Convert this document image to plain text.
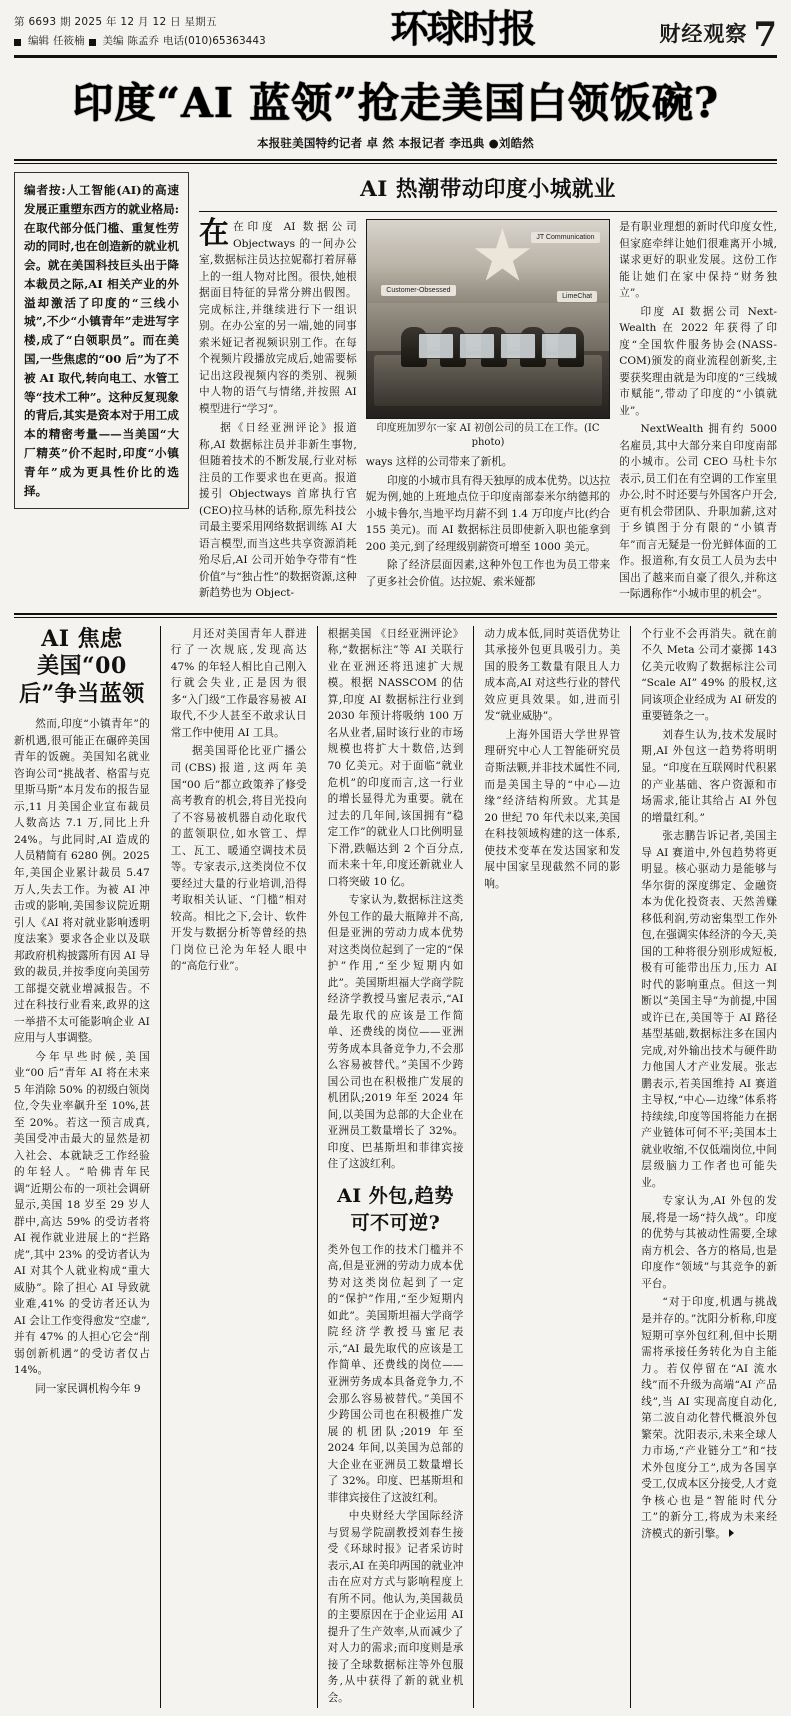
第 6693 期 2025 年 12 月 12 日 星期五
编辑 任筱楠 美编 陈孟乔 电话(010)65363443	环球时报	财经观察 7
印度“AI 蓝领”抢走美国白领饭碗?
本报驻美国特约记者 卓 然 本报记者 李迅典 ●刘皓然
编者按:人工智能(AI)的高速发展正重塑东西方的就业格局:在取代部分低门槛、重复性劳动的同时,也在创造新的就业机会。就在美国科技巨头出于降本裁员之际,AI 相关产业的外溢却激活了印度的“三线小城”,不少“小镇青年”走进写字楼,成了“白领职员”。而在美国,一些焦虑的“00 后”为了不被 AI 取代,转向电工、水管工等“技术工种”。这种反复现象的背后,其实是资本对于用工成本的精密考量——当美国“大厂精英”价不起时,印度“小镇青年”成为更具性价比的选择。
AI 热潮带动印度小城就业
在 在印度 AI 数据公司 Objectways 的一间办公室,数据标注员达拉妮郗打着屏幕上的一组人物对比图。很快,她根据面目特征的异常分辨出假图。完成标注,并继续进行下一组识别。在办公室的另一端,她的同事索米娅记者视频识别工作。在每个视频片段播放完成后,她需要标记出这段视频内容的类别、视频中人物的语气与情绪,并按照 AI 模型进行“学习”。

据《日经亚洲评论》报道称,AI 数据标注员并非新生事物,但随着技术的不断发展,行业对标注员的工作要求也在更高。报道援引 Objectways 首席执行官(CEO)拉马林的话称,原先科技公司最主要采用网络数据训练 AI 大语言模型,而当这些共享资源消耗殆尽后,AI 公司开始争夺带有“性价值”与“独占性”的数据资源,这种新趋势也为 Object-

JT Communication
Customer-Obsessed
LimeChat
印度班加罗尔一家 AI 初创公司的员工在工作。(IC photo)

ways 这样的公司带来了新机。

印度的小城市具有得天独厚的成本优势。以达拉妮为例,她的上班地点位于印度南部泰米尔纳德邦的小城卡鲁尔,当地平均月薪不到 1.4 万印度卢比(约合 155 美元)。而 AI 数据标注员即使新入职也能拿到 200 美元,到了经理级别薪资可增至 1000 美元。

除了经济层面因素,这种外包工作也为员工带来了更多社会价值。达拉妮、索米娅都

是有职业理想的新时代印度女性,但家庭牵绊让她们很难离开小城,谋求更好的职业发展。这份工作能让她们在家中保持“财务独立”。

印度 AI 数据公司 Next-Wealth 在 2022 年获得了印度“全国软件服务协会(NASS-COM)颁发的商业流程创新奖,主要获奖理由就是为印度的“三线城市赋能”,带动了印度的“小镇就业”。

NextWealth 拥有约 5000 名雇员,其中大部分来自印度南部的小城市。公司 CEO 马杜卡尔表示,员工们在有空调的工作室里办公,时不时还要与外国客户开会,更有机会带团队、升职加薪,这对于乡镇图于分有限的“小镇青年”而言无疑是一份光鲜体面的工作。报道称,有女员工人员为去中国出了越来而自豪了很久,并称这一际遇称作“小城市里的机会”。

AI 焦虑
美国“00 后”争当蓝领

然而,印度“小镇青年”的新机遇,很可能正在碾碎美国青年的饭碗。美国知名就业咨询公司“挑战者、格雷与克里斯马斯”本月发布的报告显示,11 月美国企业宣布裁员人数高达 7.1 万,同比上升 24%。与此同时,AI 造成的人员精简有 6280 例。2025 年,美国企业累计裁员 5.47 万人,失去工作。为被 AI 冲击或的影响,美国参议院近期引人《AI 将对就业影响透明度法案》要求各企业以及联邦政府机构披露所有因 AI 导致的裁员,并按季度向美国劳工部提交就业增减报告。不过在科技行业看来,政界的这一举措不太可能影响企业 AI 应用与人事调整。

今年早些时候,美国业“00 后”青年 AI 将在未来 5 年消除 50% 的初级白领岗位,令失业率飙升至 10%,甚至 20%。若这一预言成真,美国受冲击最大的显然是初入社会、本就缺乏工作经验的年轻人。“哈佛青年民调”近期公布的一项社会调研显示,美国 18 岁至 29 岁人群中,高达 59% 的受访者将 AI 视作就业进展上的“拦路虎”,其中 23% 的受访者认为 AI 对其个人就业构成“重大威胁”。除了担心 AI 导致就业难,41% 的受访者还认为 AI 会让工作变得愈发“空虚”,并有 47% 的人担心它会“削弱创新机遇”的受访者仅占 14%。

同一家民调机构今年 9

月还对美国青年人群进行了一次规底,发现高达 47% 的年轻人相比自己刚入行就会失业,正是因为很多“入门级”工作最容易被 AI 取代,不少人甚至不敢求认日常工作中使用 AI 工具。

据美国哥伦比亚广播公司(CBS)报道,这两年美国“00 后”都立政策养了修受高考教育的机会,将目光投向了不容易被机器自动化取代的蓝领职位,如水管工、焊工、瓦工、暖通空调技术员等。专家表示,这类岗位不仅要经过大量的行业培训,沿得考取相关认证、“门槛”相对较高。相比之下,会计、软件开发与数据分析等曾经的热门岗位已沦为年轻人眼中的“高危行业”。

根据美国 《日经亚洲评论》称,“数据标注”等 AI 关联行业在亚洲还将迅速扩大规模。根据 NASSCOM 的估算,印度 AI 数据标注行业到 2030 年预计将吸纳 100 万名从业者,届时该行业的市场规模也将扩大十数倍,达到 70 亿美元。对于面临“就业危机”的印度而言,这一行业的增长显得尤为重要。就在过去的几年间,该国拥有“稳定工作”的就业人口比例明显下滑,跌幅达到 2 个百分点,而未来十年,印度还新就业人口将突破 10 亿。

专家认为,数据标注这类外包工作的最大瓶障并不高,但是亚洲的劳动力成本优势对这类岗位起到了一定的“保护”作用,“至少短期内如此”。美国斯坦福大学商学院经济学教授马蜜尼表示,“AI 最先取代的应该是工作简单、还费线的岗位——亚洲劳务成本具备竞争力,不会那么容易被替代。”美国不少跨国公司也在积极推广发展的机团队;2019 年至 2024 年间,以美国为总部的大企业在亚洲员工数量增长了 32%。印度、巴基斯坦和菲律宾接住了这波红利。

AI 外包,趋势可不可逆?

类外包工作的技术门槛并不高,但是亚洲的劳动力成本优势对这类岗位起到了一定的“保护”作用,“至少短期内如此”。美国斯坦福大学商学院经济学教授马蜜尼表示,“AI 最先取代的应该是工作简单、还费线的岗位——亚洲劳务成本具备竞争力,不会那么容易被替代。”美国不少跨国公司也在积极推广发展的机团队;2019 年至 2024 年间,以美国为总部的大企业在亚洲员工数量增长了 32%。印度、巴基斯坦和菲律宾接住了这波红利。

中央财经大学国际经济与贸易学院副教授刘春生接受《环球时报》记者采访时表示,AI 在美印两国的就业冲击在应对方式与影响程度上有所不同。他认为,美国裁员的主要原因在于企业运用 AI 提升了生产效率,从而减少了对人力的需求;而印度则是承接了全球数据标注等外包服务,从中获得了新的就业机会。

动力成本低,同时英语优势让其承接外包更具吸引力。美国的股务工数量有限且人力成本高,AI 对这些行业的替代效应更具效果。如,进而引发“就业威胁”。

上海外国语大学世界管理研究中心人工智能研究员奇斯法颗,并非技术属性不同,而是美国主导的“中心—边缘”经济结构所致。尤其是 20 世纪 70 年代未以来,美国在科技领域构建的这一体系,使技术变革在发达国家和发展中国家呈现截然不同的影响。

个行业不会再消失。就在前不久 Meta 公司才豪掷 143 亿美元收购了数据标注公司 “Scale AI” 49% 的股权,这同该项企业经成为 AI 研发的重要链条之一。

刘春生认为,技术发展时期,AI 外包这一趋势将明明显。“印度在互联网时代积累的产业基础、客户资源和市场需求,能让其给占 AI 外包的增量红利。”

张志鹏告诉记者,美国主导 AI 赛道中,外包趋势将更明显。核心驱动力是能够与华尔街的深度绑定、金融资本为优化投资表、天然善赚移低利润,劳动密集型工作外包,在强调实体经济的今天,美国的工种将很分别形成短板,极有可能带出压力,压力 AI 时代的影响重点。但这一判断以“美国主导”为前提,中国或许已在,美国等于 AI 路径基型基础,数据标注多在国内完成,对外输出技术与硬件助力他国人才产业发展。张志鹏表示,若美国维持 AI 赛道主导权,“中心—边缘”体系将持续续,印度等国将能力在据产业链体可何不平;美国本土就业收缩,不仅低端岗位,中间层级脑力工作者也可能失业。

专家认为,AI 外包的发展,将是一场“持久战”。印度的优势与其被动性需要,全球南方机会、各方的格局,也是印度作“领域”与其竞争的新平台。

“对于印度,机遇与挑战是并存的。”沈阳分析称,印度短期可享外包红利,但中长期需将承接任务转化为自主能力。若仅停留在“AI 流水线”而不升级为高端“AI 产品线”,当 AI 实现高度自动化,第二波自动化替代概浪外包繁荣。沈阳表示,未来全球人力市场,“产业链分工”和“技术外包度分工”,成为各国享受工,仅成本区分接受,人才竟争核心也是“智能时代分工”的新分工,将成为未来经济模式的新引擎。
